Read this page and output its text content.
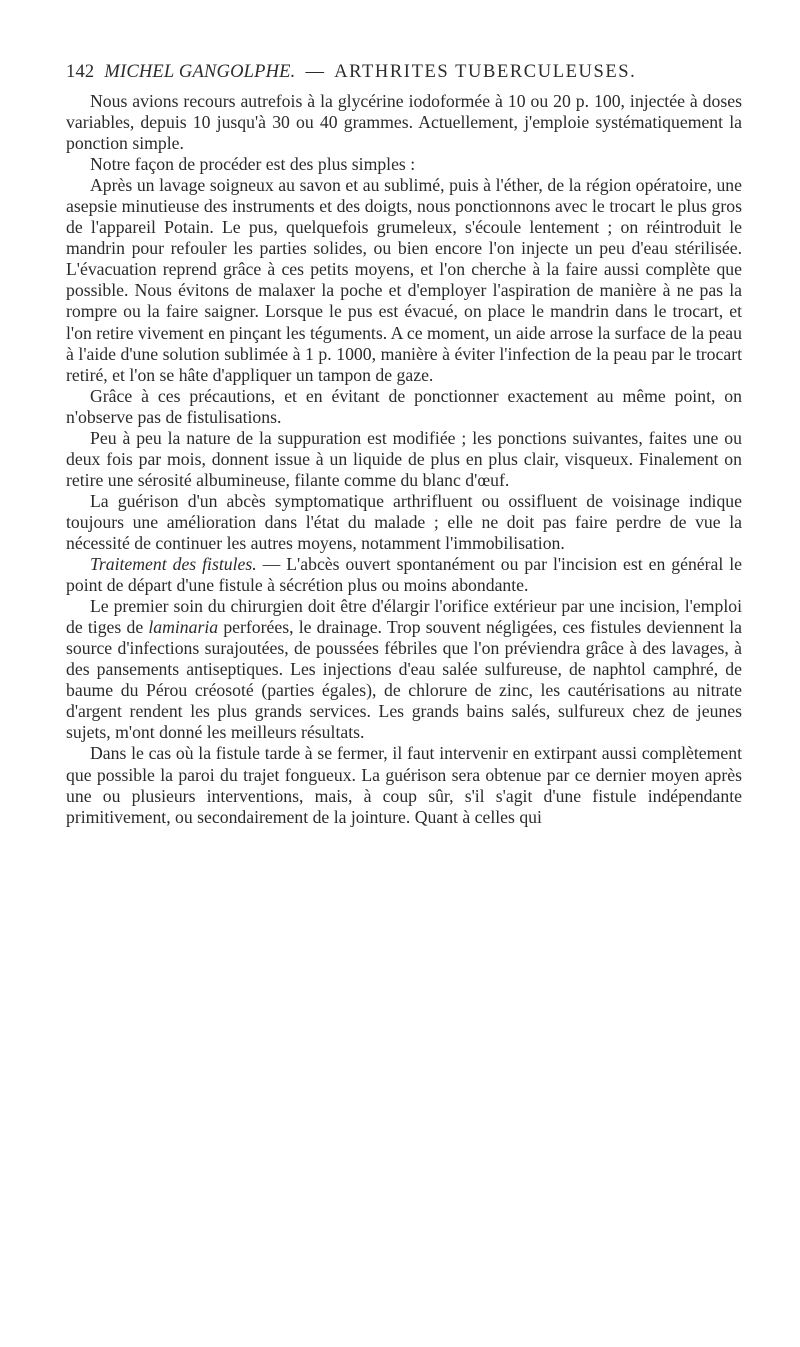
142 MICHEL GANGOLPHE. — ARTHRITES TUBERCULEUSES.

Nous avions recours autrefois à la glycérine iodoformée à 10 ou 20 p. 100, injectée à doses variables, depuis 10 jusqu'à 30 ou 40 grammes. Actuellement, j'emploie systématiquement la ponction simple.

Notre façon de procéder est des plus simples :

Après un lavage soigneux au savon et au sublimé, puis à l'éther, de la région opératoire, une asepsie minutieuse des instruments et des doigts, nous ponctionnons avec le trocart le plus gros de l'appareil Potain. Le pus, quelquefois grumeleux, s'écoule lentement ; on réintroduit le mandrin pour refouler les parties solides, ou bien encore l'on injecte un peu d'eau stérilisée. L'évacuation reprend grâce à ces petits moyens, et l'on cherche à la faire aussi complète que possible. Nous évitons de malaxer la poche et d'employer l'aspiration de manière à ne pas la rompre ou la faire saigner. Lorsque le pus est évacué, on place le mandrin dans le trocart, et l'on retire vivement en pinçant les téguments. A ce moment, un aide arrose la surface de la peau à l'aide d'une solution sublimée à 1 p. 1000, manière à éviter l'infection de la peau par le trocart retiré, et l'on se hâte d'appliquer un tampon de gaze.

Grâce à ces précautions, et en évitant de ponctionner exactement au même point, on n'observe pas de fistulisations.

Peu à peu la nature de la suppuration est modifiée ; les ponctions suivantes, faites une ou deux fois par mois, donnent issue à un liquide de plus en plus clair, visqueux. Finalement on retire une sérosité albumineuse, filante comme du blanc d'œuf.

La guérison d'un abcès symptomatique arthrifluent ou ossifluent de voisinage indique toujours une amélioration dans l'état du malade ; elle ne doit pas faire perdre de vue la nécessité de continuer les autres moyens, notamment l'immobilisation.

Traitement des fistules. — L'abcès ouvert spontanément ou par l'incision est en général le point de départ d'une fistule à sécrétion plus ou moins abondante.

Le premier soin du chirurgien doit être d'élargir l'orifice extérieur par une incision, l'emploi de tiges de laminaria perforées, le drainage. Trop souvent négligées, ces fistules deviennent la source d'infections surajoutées, de poussées fébriles que l'on préviendra grâce à des lavages, à des pansements antiseptiques. Les injections d'eau salée sulfureuse, de naphtol camphré, de baume du Pérou créosoté (parties égales), de chlorure de zinc, les cautérisations au nitrate d'argent rendent les plus grands services. Les grands bains salés, sulfureux chez de jeunes sujets, m'ont donné les meilleurs résultats.

Dans le cas où la fistule tarde à se fermer, il faut intervenir en extirpant aussi complètement que possible la paroi du trajet fongueux. La guérison sera obtenue par ce dernier moyen après une ou plusieurs interventions, mais, à coup sûr, s'il s'agit d'une fistule indépendante primitivement, ou secondairement de la jointure. Quant à celles qui
